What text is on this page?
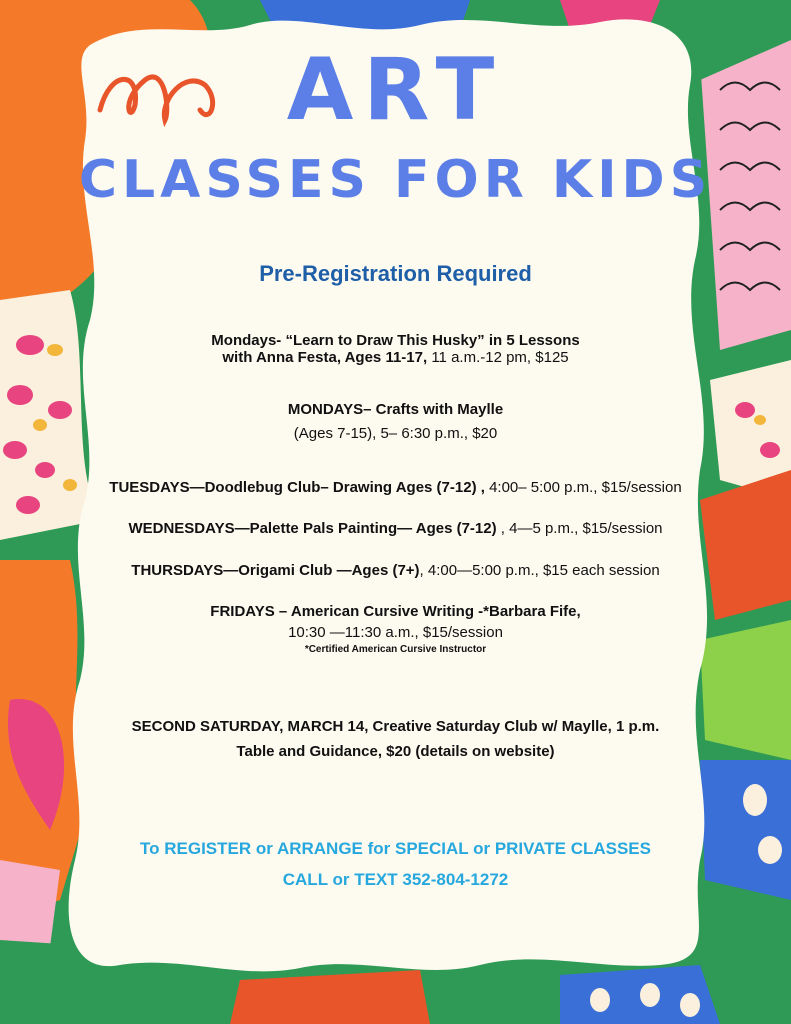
ART
CLASSES FOR KIDS
Pre-Registration Required
Mondays- “Learn to Draw This Husky” in 5 Lessons
with Anna Festa, Ages 11-17, 11 a.m.-12 pm, $125
MONDAYS– Crafts with Maylle
(Ages 7-15), 5– 6:30 p.m., $20
TUESDAYS—Doodlebug Club– Drawing Ages (7-12) , 4:00– 5:00 p.m., $15/session
WEDNESDAYS—Palette Pals Painting— Ages (7-12) , 4—5 p.m., $15/session
THURSDAYS—Origami Club —Ages (7+), 4:00—5:00 p.m., $15 each session
FRIDAYS – American Cursive Writing -*Barbara Fife,
10:30 —11:30 a.m., $15/session
*Certified American Cursive Instructor
SECOND SATURDAY, MARCH 14, Creative Saturday Club w/ Maylle, 1 p.m.
Table and Guidance, $20 (details on website)
To REGISTER or ARRANGE for SPECIAL or PRIVATE CLASSES
CALL or TEXT 352-804-1272
